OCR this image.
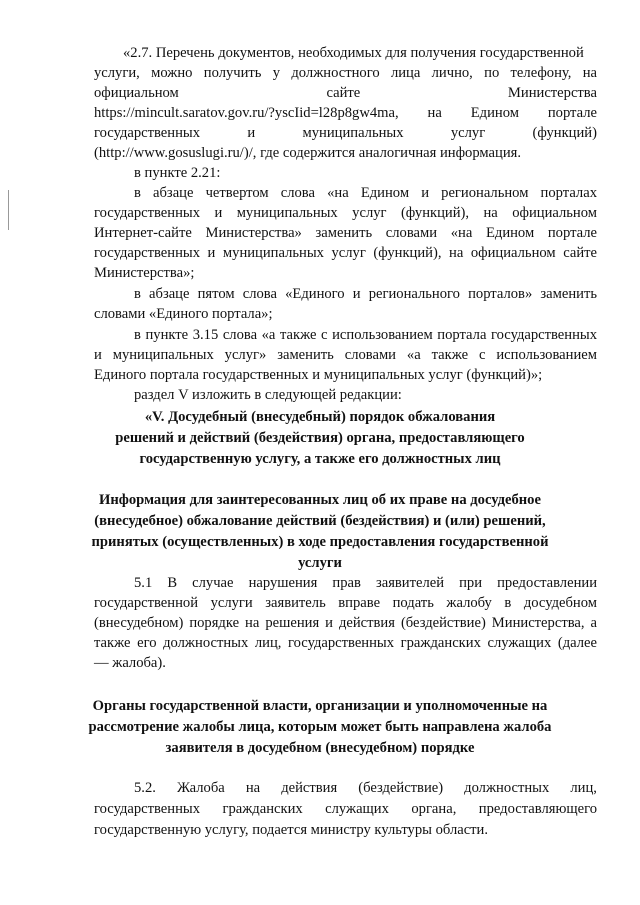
«2.7. Перечень документов, необходимых для получения государственной
услуги, можно получить у должностного лица лично, по телефону, на
официальном	сайте	Министерства
https://mincult.saratov.gov.ru/?yscIid=l28p8gw4ma, на Едином портале
государственных	и	муниципальных	услуг	(функций)
(http://www.gosuslugi.ru/)/, где содержится аналогичная информация.
в пункте 2.21:
в абзаце четвертом слова «на Едином и региональном порталах
государственных и муниципальных услуг (функций), на официальном
Интернет-сайте Министерства» заменить словами «на Едином портале
государственных и муниципальных услуг (функций), на официальном сайте
Министерства»;
в абзаце пятом слова «Единого и регионального порталов» заменить
словами «Единого портала»;
в пункте 3.15 слова «а также с использованием портала государственных
и муниципальных услуг» заменить словами «а также с использованием
Единого портала государственных и муниципальных услуг (функций)»;
раздел V изложить в следующей редакции:
«V. Досудебный (внесудебный) порядок обжалования
решений и действий (бездействия) органа, предоставляющего
государственную услугу, а также его должностных лиц
Информация для заинтересованных лиц об их праве на досудебное
(внесудебное) обжалование действий (бездействия) и (или) решений,
принятых (осуществленных) в ходе предоставления государственной
услуги
5.1 В случае нарушения прав заявителей при предоставлении
государственной услуги заявитель вправе подать жалобу в досудебном
(внесудебном) порядке на решения и действия (бездействие) Министерства, а
также его должностных лиц, государственных гражданских служащих (далее
— жалоба).
Органы государственной власти, организации и уполномоченные на
рассмотрение жалобы лица, которым может быть направлена жалоба
заявителя в досудебном (внесудебном) порядке
5.2. Жалоба на действия (бездействие) должностных лиц,
государственных гражданских служащих органа, предоставляющего
государственную услугу, подается министру культуры области.
